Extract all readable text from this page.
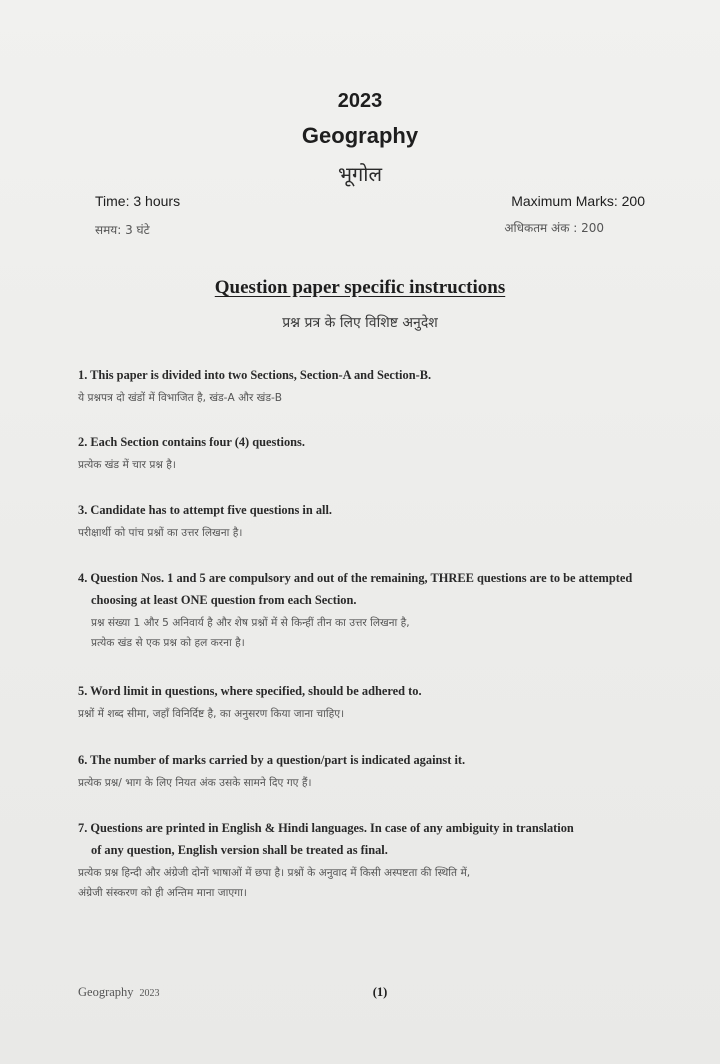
2023
Geography
भूगोल
Time: 3 hours	Maximum Marks: 200
समय: 3 घंटे	अधिकतम अंक : 200
Question paper specific instructions
प्रश्न प्रत्र के लिए विशिष्ट अनुदेश
1. This paper is divided into two Sections, Section-A and Section-B.
ये प्रश्नपत्र दो खंडों में विभाजित है, खंड-A और खंड-B
2. Each Section contains four (4) questions.
प्रत्येक खंड में चार प्रश्न है।
3. Candidate has to attempt five questions in all.
परीक्षार्थी को पांच प्रश्नों का उत्तर लिखना है।
4. Question Nos. 1 and 5 are compulsory and out of the remaining, THREE questions are to be attempted
choosing at least ONE question from each Section.
प्रश्न संख्या 1 और 5 अनिवार्य है और शेष प्रश्नों में से किन्हीं तीन का उत्तर लिखना है,
प्रत्येक खंड से एक प्रश्न को हल करना है।
5. Word limit in questions, where specified, should be adhered to.
प्रश्नों में शब्द सीमा, जहाँ विनिर्दिष्ट है, का अनुसरण किया जाना चाहिए।
6. The number of marks carried by a question/part is indicated against it.
प्रत्येक प्रश्न/ भाग के लिए नियत अंक उसके सामने दिए गए हैं।
7. Questions are printed in English & Hindi languages. In case of any ambiguity in translation
of any question, English version shall be treated as final.
प्रत्येक प्रश्न हिन्दी और अंग्रेजी दोनों भाषाओं में छपा है। प्रश्नों के अनुवाद में किसी अस्पष्टता की स्थिति में,
अंग्रेजी संस्करण को ही अन्तिम माना जाएगा।
Geography 2023	(1)
